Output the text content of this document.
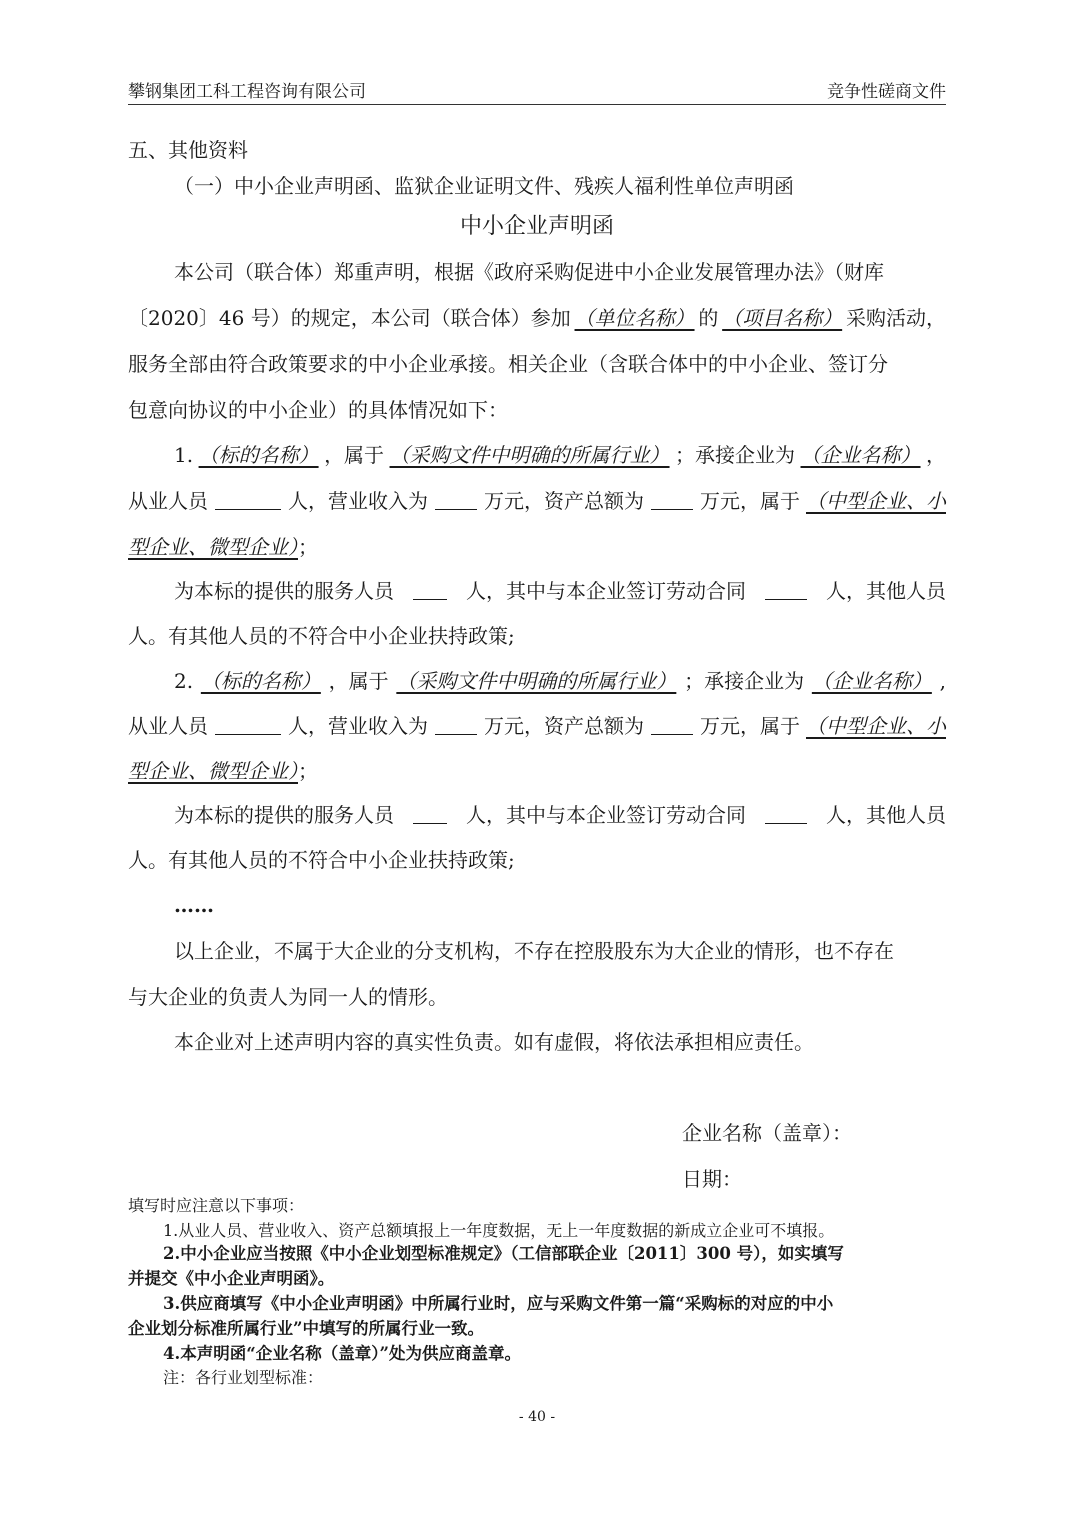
攀钢集团工科工程咨询有限公司	竞争性磋商文件
五、其他资料
（一）中小企业声明函、监狱企业证明文件、残疾人福利性单位声明函
中小企业声明函
本公司（联合体）郑重声明，根据《政府采购促进中小企业发展管理办法》（财库
〔2020〕46 号）的规定，本公司（联合体）参加 （单位名称） 的 （项目名称） 采购活动，
服务全部由符合政策要求的中小企业承接。相关企业（含联合体中的中小企业、签订分
包意向协议的中小企业）的具体情况如下：
1. （标的名称） ，属于 （采购文件中明确的所属行业） ；承接企业为 （企业名称） ，
从业人员	人，营业收入为	万元，资产总额为	万元，属于 （中型企业、小
型企业、微型企业）；
为本标的提供的服务人员	人，其中与本企业签订劳动合同	人，其他人员
人。有其他人员的不符合中小企业扶持政策;
2. （标的名称） ，属于 （采购文件中明确的所属行业） ；承接企业为 （企业名称） ,
从业人员	人，营业收入为	万元，资产总额为	万元，属于 （中型企业、小
型企业、微型企业）；
为本标的提供的服务人员	人，其中与本企业签订劳动合同	人，其他人员
人。有其他人员的不符合中小企业扶持政策;
……
以上企业，不属于大企业的分支机构，不存在控股股东为大企业的情形，也不存在
与大企业的负责人为同一人的情形。
本企业对上述声明内容的真实性负责。如有虚假，将依法承担相应责任。
企业名称（盖章）：
日期：
填写时应注意以下事项：
1.从业人员、营业收入、资产总额填报上一年度数据，无上一年度数据的新成立企业可不填报。
2.中小企业应当按照《中小企业划型标准规定》（工信部联企业〔2011〕300 号），如实填写
并提交《中小企业声明函》。
3.供应商填写《中小企业声明函》中所属行业时，应与采购文件第一篇“采购标的对应的中小
企业划分标准所属行业”中填写的所属行业一致。
4.本声明函“企业名称（盖章）”处为供应商盖章。
注：各行业划型标准：
- 40 -
